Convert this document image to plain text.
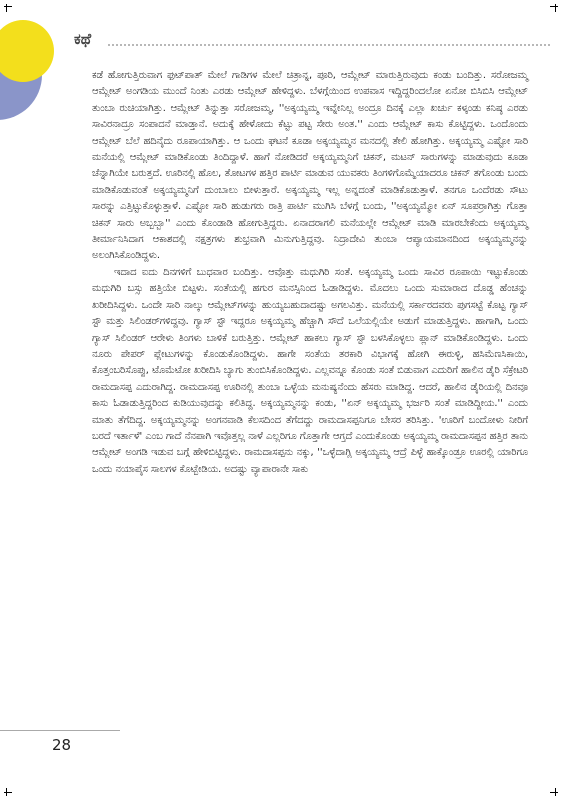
ಕಥೆ

ಕಡೆ ಹೋಗುತ್ತಿರುವಾಗ ಫುಟ್‌ಪಾತ್ ಮೇಲೆ ಗಾಡಿಗಳ ಮೇಲೆ ಚಿತ್ರಾನ್ನ, ಪೂರಿ, ಆಮ್ಲೇಟ್ ಮಾರುತ್ತಿರುವುದು ಕಂಡು ಬಂದಿತ್ತು. ಸರೋಜಮ್ಮ ಆಮ್ಲೇಟ್ ಅಂಗಡಿಯ ಮುಂದೆ ನಿಂತು ಎರಡು ಆಮ್ಲೇಟ್ ಹೇಳಿದ್ದಳು. ಬೆಳಗ್ಗೆಯಿಂದ ಉಪವಾಸ ಇದ್ದಿದ್ದರಿಂದಲೋ ಏನೋ ಬಿಸಿಬಿಸಿ ಆಮ್ಲೇಟ್ ತುಂಬಾ ರುಚಿಯಾಗಿತ್ತು. ಆಮ್ಲೇಟ್ ತಿನ್ನುತ್ತಾ ಸರೋಜಮ್ಮ, ''ಅಕ್ಕಯ್ಯಮ್ಮ ಇವ್ನೇನಿಲ್ಲ ಅಂದ್ರೂ ದಿನಕ್ಕೆ ಎಲ್ಲಾ ಖರ್ಚು ಕಳ್ಕಂಡು ಕನಿಷ್ಠ ಎರಡು ಸಾವಿರನಾದ್ರೂ ಸಂಪಾದನೆ ಮಾಡ್ತಾನೆ. ಅದುಕ್ಕೆ ಹೇಳೋದು ಕೆಟ್ಟು ಪಟ್ಟ ಸೇರು ಅಂತ.'' ಎಂದು ಆಮ್ಲೇಟ್ ಕಾಸು ಕೊಟ್ಟಿದ್ದಳು. ಒಂದೊಂದು ಆಮ್ಲೇಟ್ ಬೆಲೆ ಹದಿನೈದು ರೂಪಾಯಾಗಿತ್ತು. ಆ ಒಂದು ಘಟನೆ ಕೂಡಾ ಅಕ್ಕಯ್ಯಮ್ಮನ ಮನದಲ್ಲಿ ತೇಲಿ ಹೋಗಿತ್ತು. ಅಕ್ಕಯ್ಯಮ್ಮ ಎಷ್ಟೋ ಸಾರಿ ಮನೆಯಲ್ಲಿ ಆಮ್ಲೇಟ್ ಮಾಡಿಕೊಂಡು ತಿಂದಿದ್ದಾಳೆ. ಹಾಗೆ ನೋಡಿದರೆ ಅಕ್ಕಯ್ಯಮ್ಮನಿಗೆ ಚಿಕನ್, ಮಟನ್ ಸಾರುಗಳನ್ನು ಮಾಡುವುದು ಕೂಡಾ ಚೆನ್ನಾಗಿಯೇ ಬರುತ್ತದೆ. ಊರಿನಲ್ಲಿ ಹೊಲ, ತೋಟಗಳ ಹತ್ತಿರ ಪಾರ್ಟಿ ಮಾಡುವ ಯುವಕರು ತಿಂಗಳಿಗೊಮ್ಮೆಯಾದರೂ ಚಿಕನ್ ತಗೊಂಡು ಬಂದು ಮಾಡಿಕೊಡುವಂತೆ ಅಕ್ಕಯ್ಯಮ್ಮನಿಗೆ ದುಂಬಾಲು ಬೀಳುತ್ತಾರೆ. ಅಕ್ಕಯ್ಯಮ್ಮ ಇಲ್ಲ ಅನ್ನದಂತೆ ಮಾಡಿಕೊಡುತ್ತಾಳೆ. ತನಗೂ ಒಂದೆರಡು ಸೌಟು ಸಾರನ್ನು ಎತ್ತಿಟ್ಟುಕೊಳ್ಳುತ್ತಾಳೆ. ಎಷ್ಟೋ ಸಾರಿ ಹುಡುಗರು ರಾತ್ರಿ ಪಾರ್ಟಿ ಮುಗಿಸಿ ಬೆಳಗ್ಗೆ ಬಂದು, ''ಅಕ್ಕಯ್ಯಮ್ಮೋ ಏನ್ ಸೂಪರ್ರಾಗಿತ್ತು ಗೊತ್ತಾ ಚಿಕನ್ ಸಾರು ಅಬ್ಬಬ್ಬಾ'' ಎಂದು ಕೊಂಡಾಡಿ ಹೋಗುತ್ತಿದ್ದರು. ಏನಾದರಾಗಲಿ ಮನೆಯಲ್ಲೇ ಆಮ್ಲೇಟ್ ಮಾಡಿ ಮಾರಬೇಕೆಂದು ಅಕ್ಕಯ್ಯಮ್ಮ ತೀರ್ಮಾನಿಸಿದಾಗ ಆಕಾಶದಲ್ಲಿ ನಕ್ಷತ್ರಗಳು ಶುಭ್ರವಾಗಿ ಮಿನುಗುತ್ತಿದ್ದವು. ನಿದ್ರಾದೇವಿ ತುಂಬಾ ಆಪ್ಯಾಯಮಾನದಿಂದ ಅಕ್ಕಯ್ಯಮ್ಮನನ್ನು ಅಲಂಗಿಸಿಕೊಂಡಿದ್ದಳು.

ಇದಾದ ಐದು ದಿನಗಳಿಗೆ ಬುಧವಾರ ಬಂದಿತ್ತು. ಆವೊತ್ತು ಮಧುಗಿರಿ ಸಂತೆ. ಅಕ್ಕಯ್ಯಮ್ಮ ಒಂದು ಸಾವಿರ ರೂಪಾಯಿ ಇಟ್ಟುಕೊಂಡು ಮಧುಗಿರಿ ಬಸ್ಸು ಹತ್ತಿಯೇ ಬಿಟ್ಟಳು. ಸಂತೆಯಲ್ಲಿ ಹಗುರ ಮನಸ್ಸಿನಿಂದ ಓಡಾಡಿದ್ದಳು. ಮೊದಲು ಒಂದು ಸುಮಾರಾದ ದೊಡ್ಡ ಹೆಂಚನ್ನು ಖರೀದಿಸಿದ್ದಳು. ಒಂದೇ ಸಾರಿ ನಾಲ್ಕು ಆಮ್ಲೇಟ್‌ಗಳನ್ನು ಹುಯ್ಯಬಹುದಾದಷ್ಟು ಅಗಲವಿತ್ತು. ಮನೆಯಲ್ಲಿ ಸರ್ಕಾರದವರು ಪುಗಸಟ್ಟೆ ಕೊಟ್ಟ ಗ್ಯಾಸ್ ಸ್ಟೌ ಮತ್ತು ಸಿಲಿಂಡರ್‌ಗಳಿದ್ದವು. ಗ್ಯಾಸ್ ಸ್ಟೌ ಇದ್ದರೂ ಅಕ್ಕಯ್ಯಮ್ಮ ಹೆಚ್ಚಾಗಿ ಸೌದೆ ಒಲೆಯಲ್ಲಿಯೇ ಅಡುಗೆ ಮಾಡುತ್ತಿದ್ದಳು. ಹಾಗಾಗಿ, ಒಂದು ಗ್ಯಾಸ್ ಸಿಲಿಂಡರ್ ಆರೇಳು ತಿಂಗಳು ಬಾಳಿಕೆ ಬರುತ್ತಿತ್ತು. ಆಮ್ಲೇಟ್ ಹಾಕಲು ಗ್ಯಾಸ್ ಸ್ಟೌ ಬಳಸಿಕೊಳ್ಳಲು ಪ್ಲಾನ್ ಮಾಡಿಕೊಂಡಿದ್ದಳು. ಒಂದು ನೂರು ಪೇಪರ್ ಪ್ಲೇಟುಗಳನ್ನು ಕೊಂಡುಕೊಂಡಿದ್ದಳು. ಹಾಗೇ ಸಂತೆಯ ತರಕಾರಿ ವಿಭಾಗಕ್ಕೆ ಹೋಗಿ ಈರುಳ್ಳಿ, ಹಸಿಮೆಣಸಿಕಾಯಿ, ಕೊತ್ತಂಬರಿಸೊಪ್ಪು, ಟೊಮೆಟೋ ಖರೀದಿಸಿ ಬ್ಯಾಗು ತುಂಬಿಸಿಕೊಂಡಿದ್ದಳು. ಎಲ್ಲವನ್ನೂ ಕೊಂಡು ಸಂತೆ ಬಿಡುವಾಗ ಎದುರಿಗೆ ಹಾಲಿನ ಡೈರಿ ಸೆಕ್ರೇಟರಿ ರಾಮದಾಸಪ್ಪ ಎದುರಾಗಿದ್ದ. ರಾಮದಾಸಪ್ಪ ಊರಿನಲ್ಲಿ ತುಂಬಾ ಒಳ್ಳೆಯ ಮನುಷ್ಯನೆಂದು ಹೆಸರು ಮಾಡಿದ್ದ. ಆದರೆ, ಹಾಲಿನ ಡೈರಿಯಲ್ಲಿ ದಿನವೂ ಕಾಸು ಓಡಾಡುತ್ತಿದ್ದರಿಂದ ಕುಡಿಯುವುದನ್ನು ಕಲಿತಿದ್ದ. ಅಕ್ಕಯ್ಯಮ್ಮನನ್ನು ಕಂಡು, ''ಏನ್ ಅಕ್ಕಯ್ಯಮ್ಮ ಭರ್ಜರಿ ಸಂತೆ ಮಾಡಿದ್ದೀಯ.'' ಎಂದು ಮಾತು ತೆಗೆದಿದ್ದ. ಅಕ್ಕಯ್ಯಮ್ಮನನ್ನು ಅಂಗನವಾಡಿ ಕೆಲಸದಿಂದ ತೆಗೆದದ್ದು ರಾಮದಾಸಪ್ಪನಿಗೂ ಬೇಸರ ತರಿಸಿತ್ತು. 'ಊರಿಗೆ ಬಂದೋಳು ನೀರಿಗೆ ಬರದೆ ಇರ್ತಾಳೆ' ಎಂಬ ಗಾದೆ ನೆನಪಾಗಿ ಇವೊತ್ತಲ್ಲ ನಾಳೆ ಎಲ್ಲರಿಗೂ ಗೊತ್ತಾಗೇ ಆಗ್ತದೆ ಎಂದುಕೊಂಡು ಅಕ್ಕಯ್ಯಮ್ಮ ರಾಮದಾಸಪ್ಪನ ಹತ್ತಿರ ತಾನು ಆಮ್ಲೇಟ್ ಅಂಗಡಿ ಇಡುವ ಬಗ್ಗೆ ಹೇಳಿಬಿಟ್ಟಿದ್ದಳು. ರಾಮದಾಸಪ್ಪನು ನಕ್ಕು, ''ಒಳ್ಳೆದಾಗ್ಲಿ ಅಕ್ಕಯ್ಯಮ್ಮ ಆದ್ರೆ ಪಿಳ್ಳೆ ಹಾಕ್ಕೊಂಡ್ರೂ ಊರಲ್ಲಿ ಯಾರಿಗೂ ಒಂದು ನಯಾಪೈಸ ಸಾಲಗಳ ಕೊಟ್ಬೇಡಿಯ. ಅದಷ್ಟು ವ್ಯಾಪಾರಾನೇ ಸಾಕು

28
